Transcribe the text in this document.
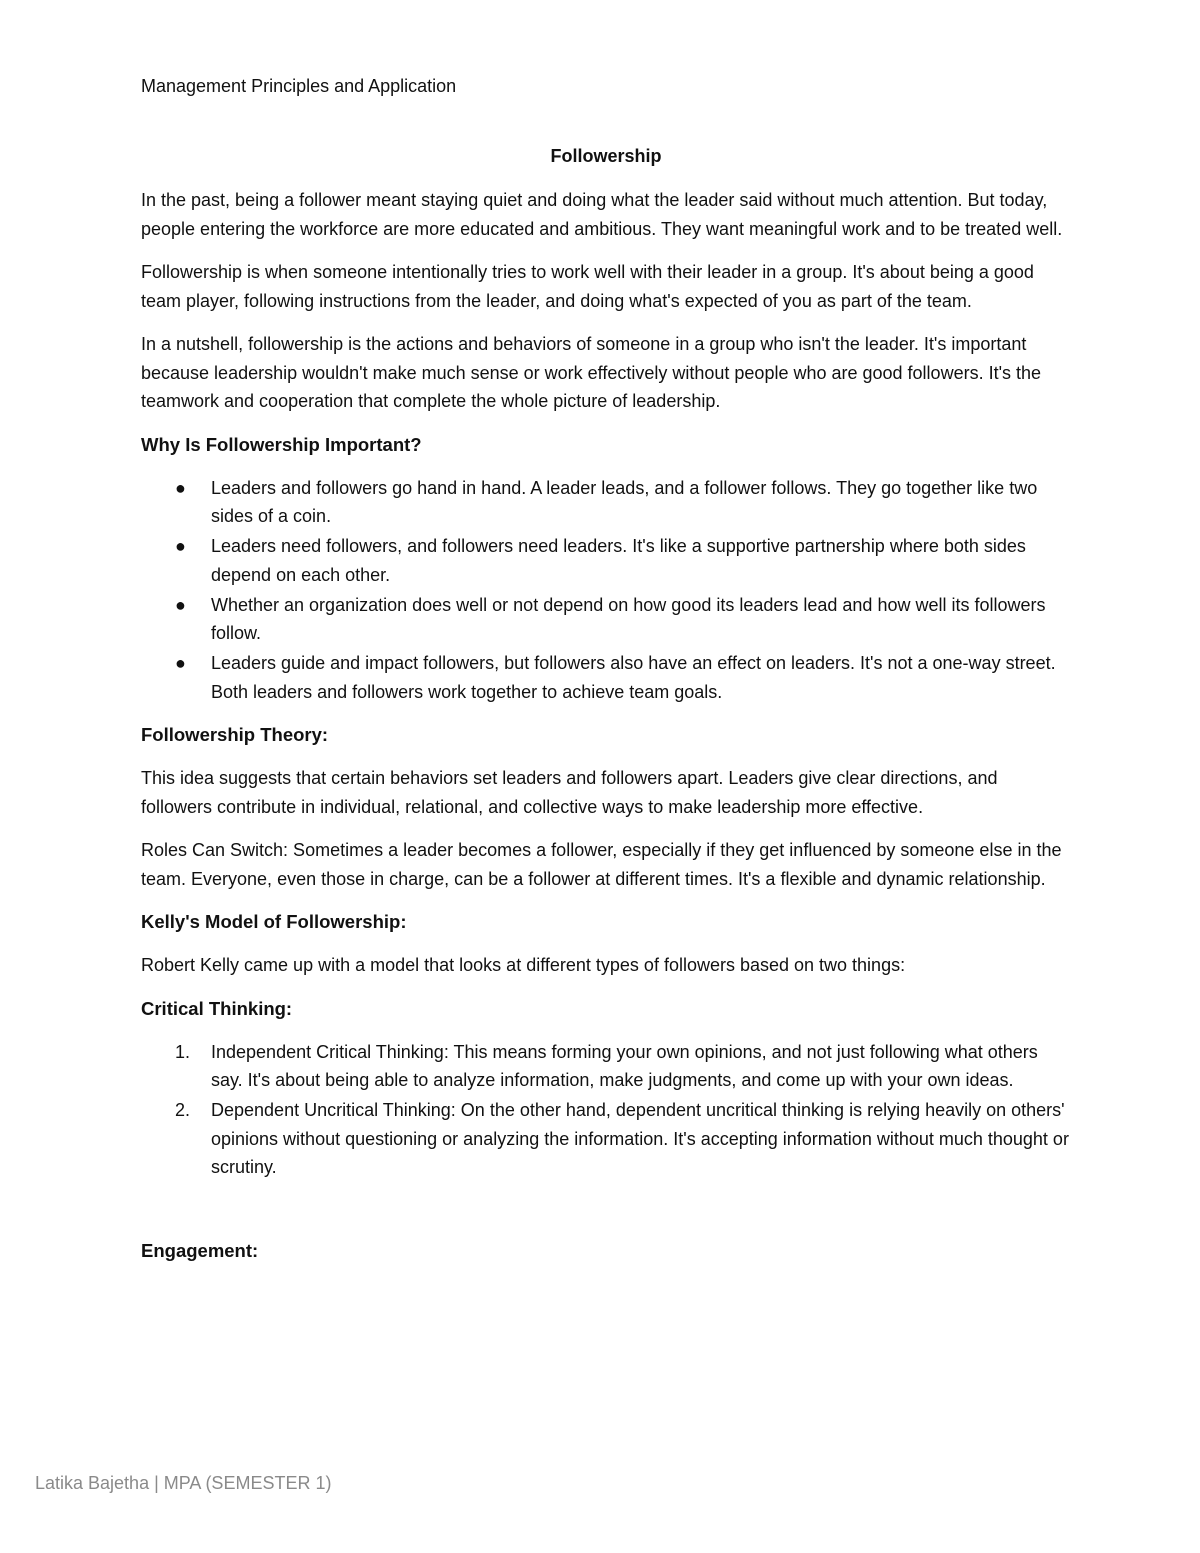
Management Principles and Application
Followership

In the past, being a follower meant staying quiet and doing what the leader said without much attention. But today, people entering the workforce are more educated and ambitious. They want meaningful work and to be treated well.

Followership is when someone intentionally tries to work well with their leader in a group. It's about being a good team player, following instructions from the leader, and doing what's expected of you as part of the team.

In a nutshell, followership is the actions and behaviors of someone in a group who isn't the leader. It's important because leadership wouldn't make much sense or work effectively without people who are good followers. It's the teamwork and cooperation that complete the whole picture of leadership.

Why Is Followership Important?
● Leaders and followers go hand in hand. A leader leads, and a follower follows. They go together like two sides of a coin.
● Leaders need followers, and followers need leaders. It's like a supportive partnership where both sides depend on each other.
● Whether an organization does well or not depend on how good its leaders lead and how well its followers follow.
● Leaders guide and impact followers, but followers also have an effect on leaders. It's not a one-way street. Both leaders and followers work together to achieve team goals.
Followership Theory:

This idea suggests that certain behaviors set leaders and followers apart. Leaders give clear directions, and followers contribute in individual, relational, and collective ways to make leadership more effective.

Roles Can Switch: Sometimes a leader becomes a follower, especially if they get influenced by someone else in the team. Everyone, even those in charge, can be a follower at different times. It's a flexible and dynamic relationship.

Kelly's Model of Followership:

Robert Kelly came up with a model that looks at different types of followers based on two things:

Critical Thinking:
1. Independent Critical Thinking: This means forming your own opinions, and not just following what others say. It's about being able to analyze information, make judgments, and come up with your own ideas.
2. Dependent Uncritical Thinking: On the other hand, dependent uncritical thinking is relying heavily on others' opinions without questioning or analyzing the information. It's accepting information without much thought or scrutiny.
Engagement:
Latika Bajetha | MPA (SEMESTER 1)
